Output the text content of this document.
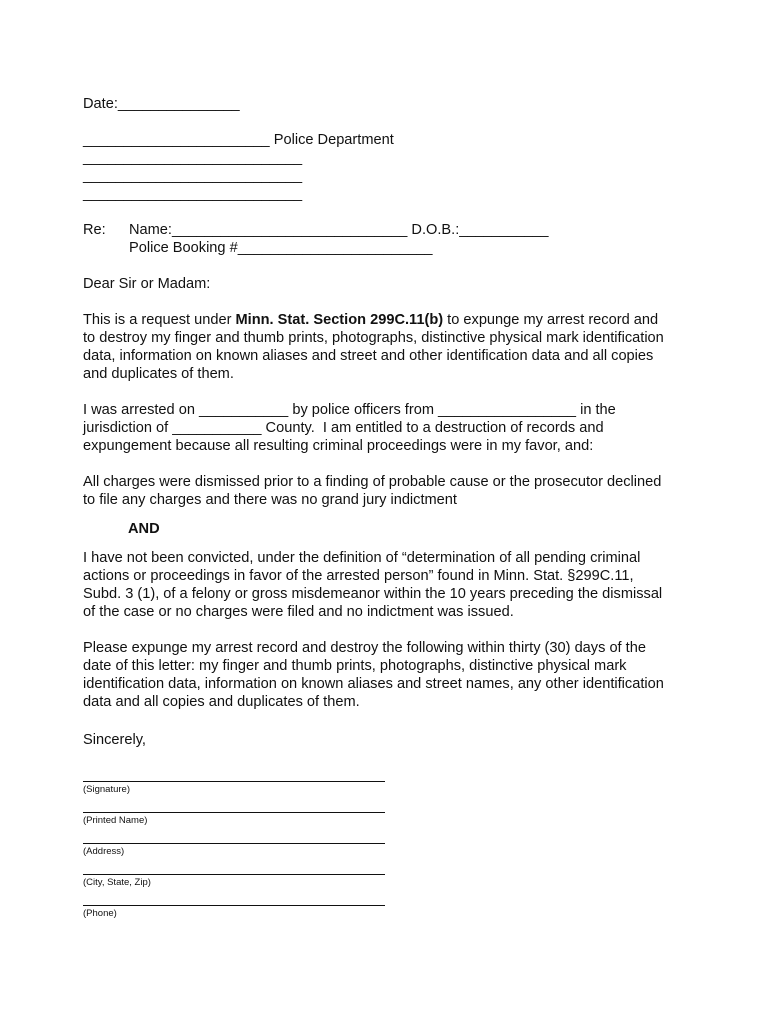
Date:_______________
_______________________ Police Department
___________________________
___________________________
___________________________
Re:	Name:_____________________________ D.O.B.:___________
Police Booking #________________________
Dear Sir or Madam:
This is a request under Minn. Stat. Section 299C.11(b) to expunge my arrest record and
to destroy my finger and thumb prints, photographs, distinctive physical mark identification
data, information on known aliases and street and other identification data and all copies
and duplicates of them.
I was arrested on ___________ by police officers from _________________ in the
jurisdiction of ___________ County.  I am entitled to a destruction of records and
expungement because all resulting criminal proceedings were in my favor, and:
All charges were dismissed prior to a finding of probable cause or the prosecutor declined
to file any charges and there was no grand jury indictment
AND
I have not been convicted, under the definition of “determination of all pending criminal
actions or proceedings in favor of the arrested person” found in Minn. Stat. §299C.11,
Subd. 3 (1), of a felony or gross misdemeanor within the 10 years preceding the dismissal
of the case or no charges were filed and no indictment was issued.
Please expunge my arrest record and destroy the following within thirty (30) days of the
date of this letter: my finger and thumb prints, photographs, distinctive physical mark
identification data, information on known aliases and street names, any other identification
data and all copies and duplicates of them.
Sincerely,
(Signature)
(Printed Name)
(Address)
(City, State, Zip)
(Phone)
